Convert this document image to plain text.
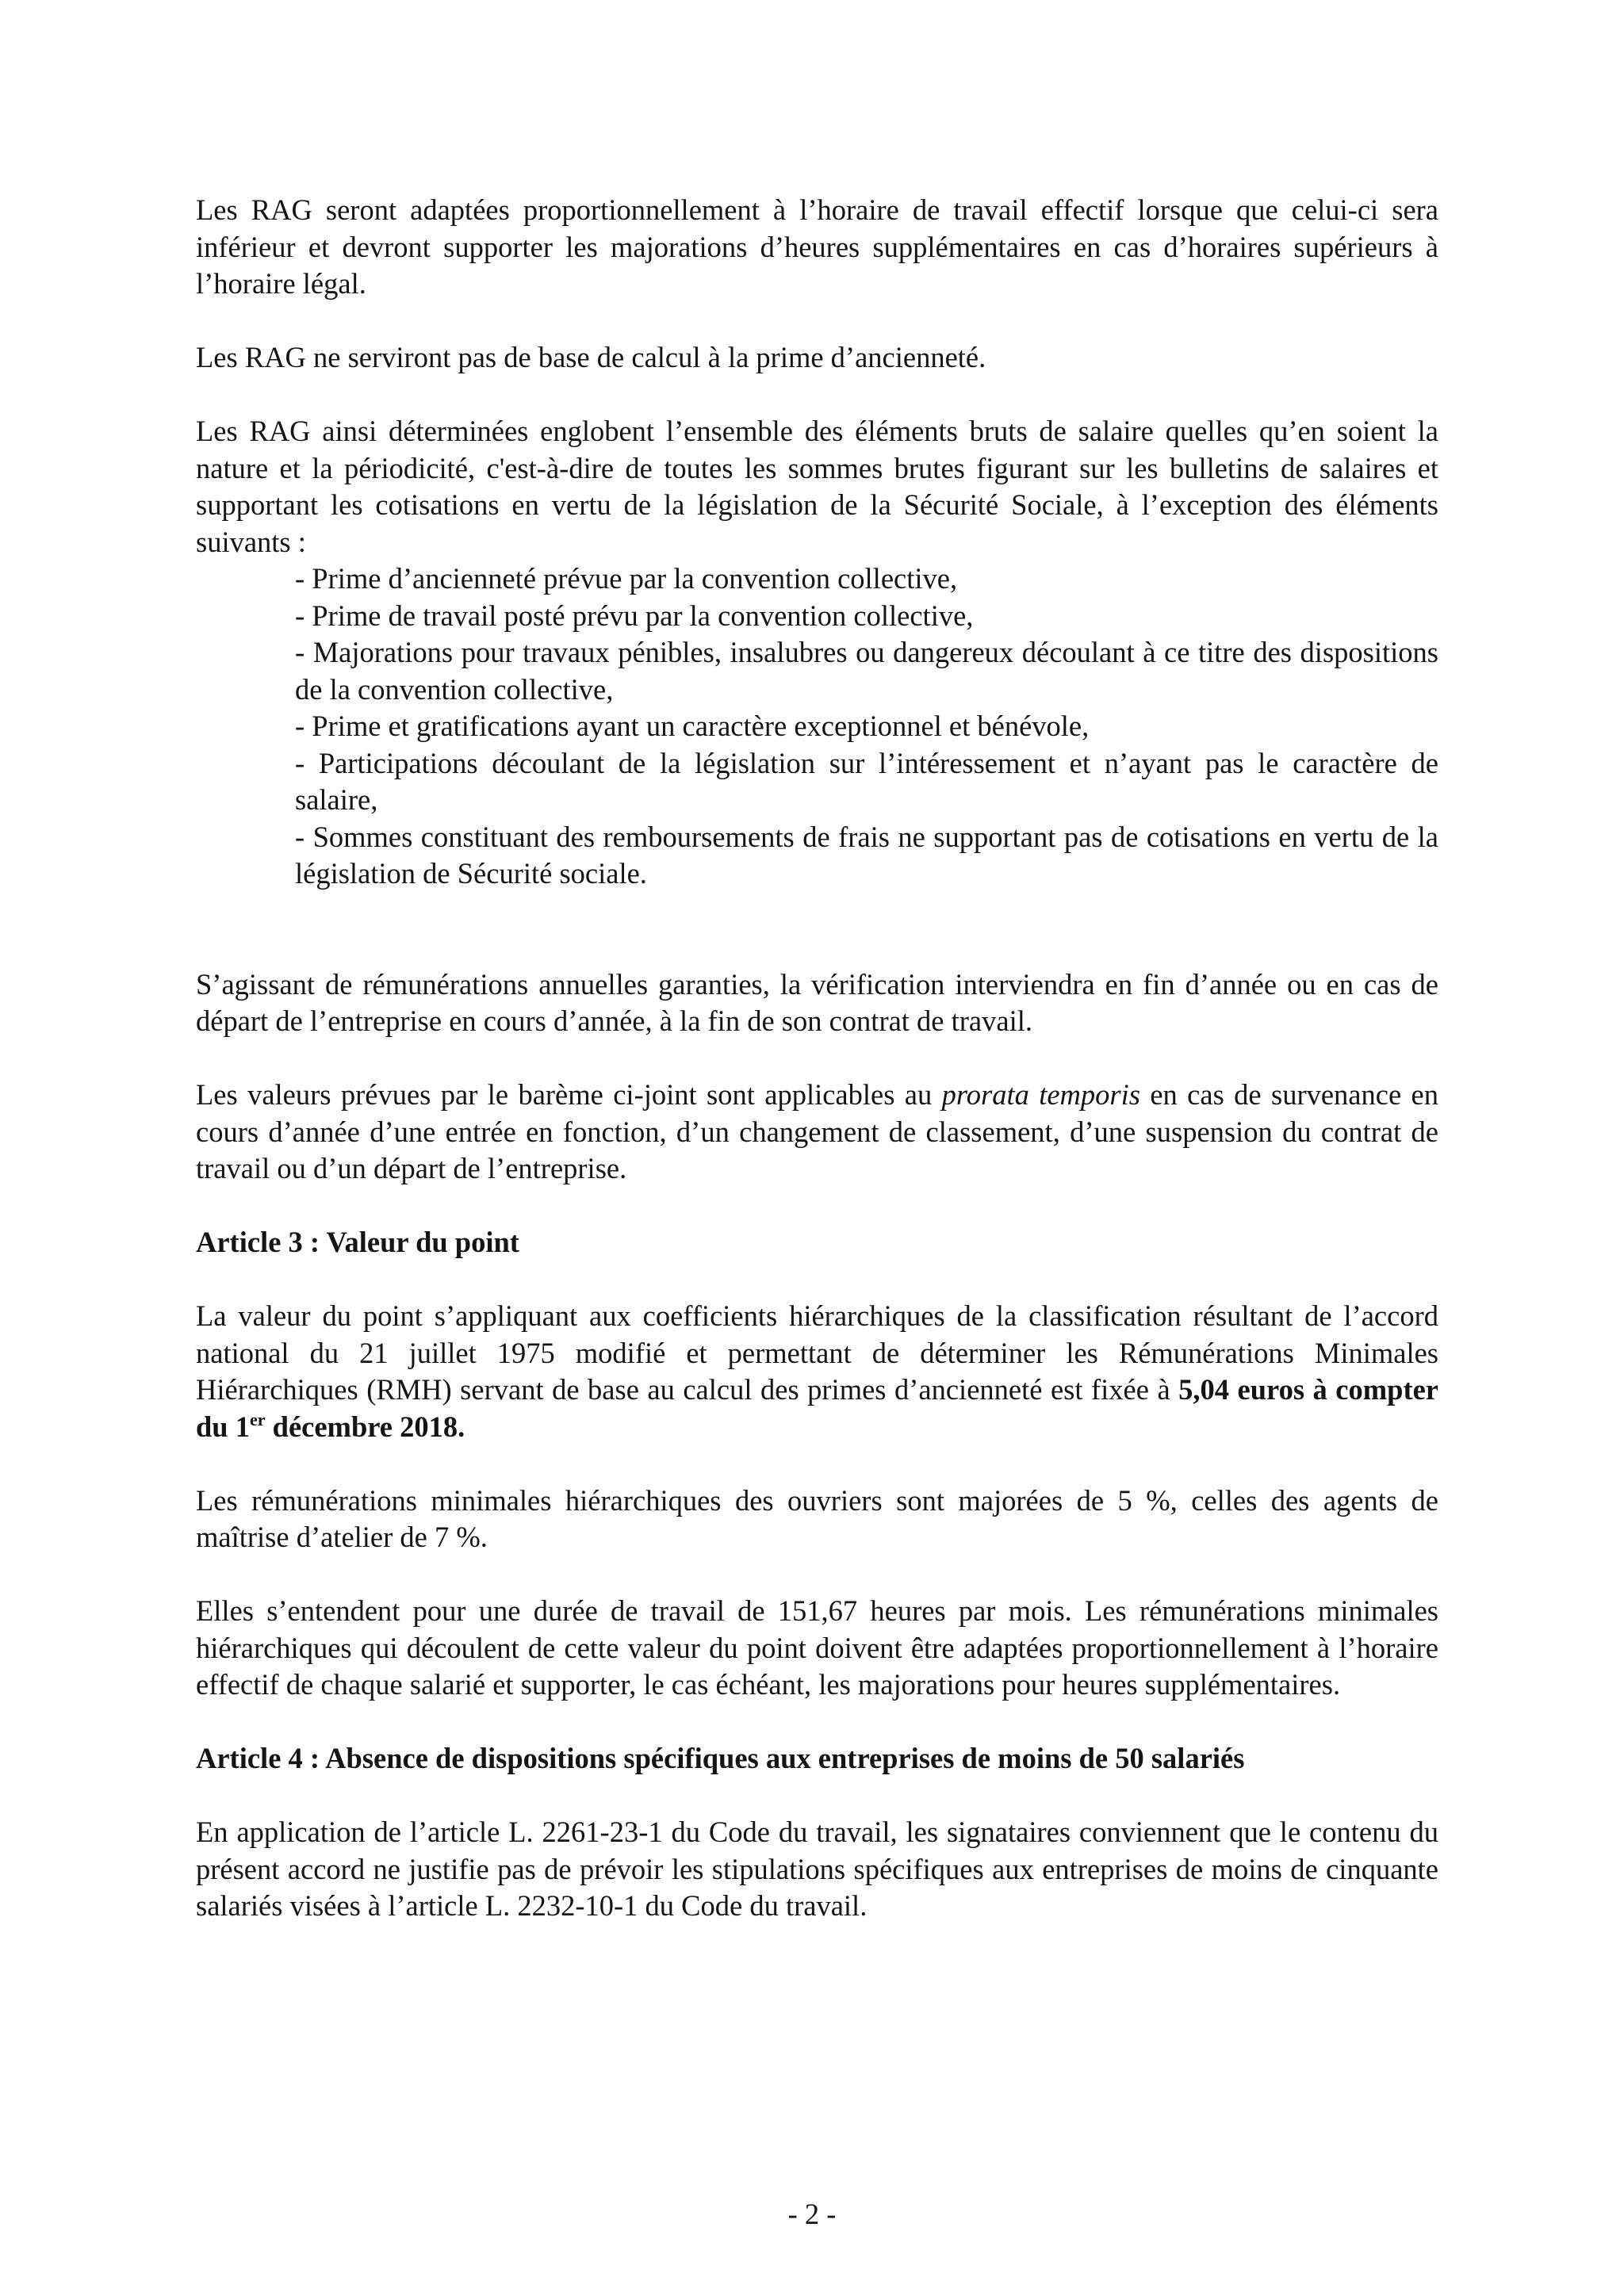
Les RAG seront adaptées proportionnellement à l’horaire de travail effectif lorsque que celui-ci sera inférieur et devront supporter les majorations d’heures supplémentaires en cas d’horaires supérieurs à l’horaire légal.

Les RAG ne serviront pas de base de calcul à la prime d’ancienneté.

Les RAG ainsi déterminées englobent l’ensemble des éléments bruts de salaire quelles qu’en soient la nature et la périodicité, c'est-à-dire de toutes les sommes brutes figurant sur les bulletins de salaires et supportant les cotisations en vertu de la législation de la Sécurité Sociale, à l’exception des éléments suivants :

- Prime d’ancienneté prévue par la convention collective,

- Prime de travail posté prévu par la convention collective,

- Majorations pour travaux pénibles, insalubres ou dangereux découlant à ce titre des dispositions de la convention collective,

- Prime et gratifications ayant un caractère exceptionnel et bénévole,

- Participations découlant de la législation sur l’intéressement et n’ayant pas le caractère de salaire,

- Sommes constituant des remboursements de frais ne supportant pas de cotisations en vertu de la législation de Sécurité sociale.

S’agissant de rémunérations annuelles garanties, la vérification interviendra en fin d’année ou en cas de départ de l’entreprise en cours d’année, à la fin de son contrat de travail.

Les valeurs prévues par le barème ci-joint sont applicables au prorata temporis en cas de survenance en cours d’année d’une entrée en fonction, d’un changement de classement, d’une suspension du contrat de travail ou d’un départ de l’entreprise.

Article 3 : Valeur du point

La valeur du point s’appliquant aux coefficients hiérarchiques de la classification résultant de l’accord national du 21 juillet 1975 modifié et permettant de déterminer les Rémunérations Minimales Hiérarchiques (RMH) servant de base au calcul des primes d’ancienneté est fixée à 5,04 euros à compter du 1er décembre 2018.

Les rémunérations minimales hiérarchiques des ouvriers sont majorées de 5 %, celles des agents de maîtrise d’atelier de 7 %.

Elles s’entendent pour une durée de travail de 151,67 heures par mois. Les rémunérations minimales hiérarchiques qui découlent de cette valeur du point doivent être adaptées proportionnellement à l’horaire effectif de chaque salarié et supporter, le cas échéant, les majorations pour heures supplémentaires.

Article 4 : Absence de dispositions spécifiques aux entreprises de moins de 50 salariés

En application de l’article L. 2261-23-1 du Code du travail, les signataires conviennent que le contenu du présent accord ne justifie pas de prévoir les stipulations spécifiques aux entreprises de moins de cinquante salariés visées à l’article L. 2232-10-1 du Code du travail.

- 2 -
